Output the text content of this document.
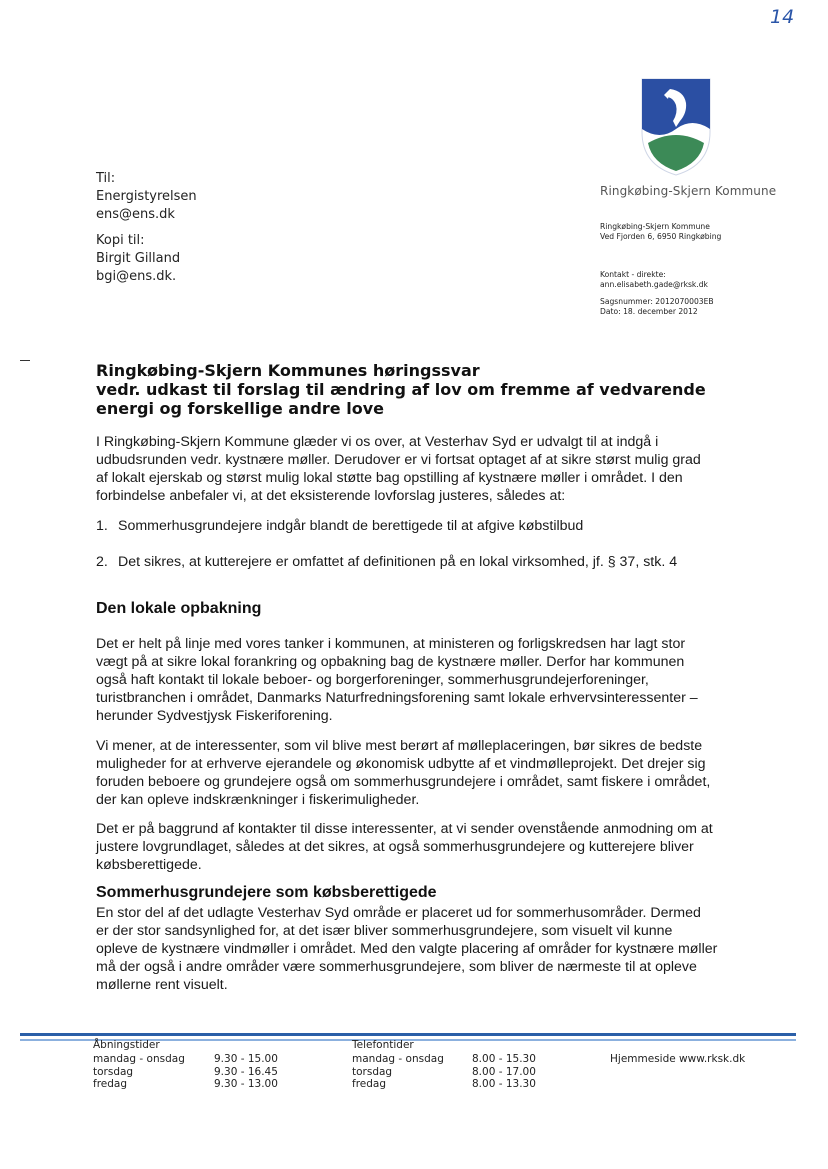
14
Til:
Energistyrelsen
ens@ens.dk
Kopi til:
Birgit Gilland
bgi@ens.dk.
Ringkøbing-Skjern Kommune
Ringkøbing-Skjern Kommune
Ved Fjorden 6, 6950 Ringkøbing
Kontakt - direkte:
ann.elisabeth.gade@rksk.dk
Sagsnummer: 2012070003EB
Dato: 18. december 2012
Ringkøbing-Skjern Kommunes høringssvar
vedr. udkast til forslag til ændring af lov om fremme af vedvarende
energi og forskellige andre love
I Ringkøbing-Skjern Kommune glæder vi os over, at Vesterhav Syd er udvalgt til at indgå i
udbudsrunden vedr. kystnære møller. Derudover er vi fortsat optaget af at sikre størst mulig grad
af lokalt ejerskab og størst mulig lokal støtte bag opstilling af kystnære møller i området. I den
forbindelse anbefaler vi, at det eksisterende lovforslag justeres, således at:
1. Sommerhusgrundejere indgår blandt de berettigede til at afgive købstilbud
2. Det sikres, at kutterejere er omfattet af definitionen på en lokal virksomhed, jf. § 37, stk. 4
Den lokale opbakning
Det er helt på linje med vores tanker i kommunen, at ministeren og forligskredsen har lagt stor
vægt på at sikre lokal forankring og opbakning bag de kystnære møller. Derfor har kommunen
også haft kontakt til lokale beboer- og borgerforeninger, sommerhusgrundejerforeninger,
turistbranchen i området, Danmarks Naturfredningsforening samt lokale erhvervsinteressenter –
herunder Sydvestjysk Fiskeriforening.
Vi mener, at de interessenter, som vil blive mest berørt af mølleplaceringen, bør sikres de bedste
muligheder for at erhverve ejerandele og økonomisk udbytte af et vindmølleprojekt. Det drejer sig
foruden beboere og grundejere også om sommerhusgrundejere i området, samt fiskere i området,
der kan opleve indskrænkninger i fiskerimuligheder.
Det er på baggrund af kontakter til disse interessenter, at vi sender ovenstående anmodning om at
justere lovgrundlaget, således at det sikres, at også sommerhusgrundejere og kutterejere bliver
købsberettigede.
Sommerhusgrundejere som købsberettigede
En stor del af det udlagte Vesterhav Syd område er placeret ud for sommerhusområder. Dermed
er der stor sandsynlighed for, at det især bliver sommerhusgrundejere, som visuelt vil kunne
opleve de kystnære vindmøller i området. Med den valgte placering af områder for kystnære møller
må der også i andre områder være sommerhusgrundejere, som bliver de nærmeste til at opleve
møllerne rent visuelt.
Åbningstider
mandag - onsdag
torsdag
fredag
9.30 - 15.00
9.30 - 16.45
9.30 - 13.00
Telefontider
mandag - onsdag
torsdag
fredag
8.00 - 15.30
8.00 - 17.00
8.00 - 13.30
Hjemmeside www.rksk.dk
